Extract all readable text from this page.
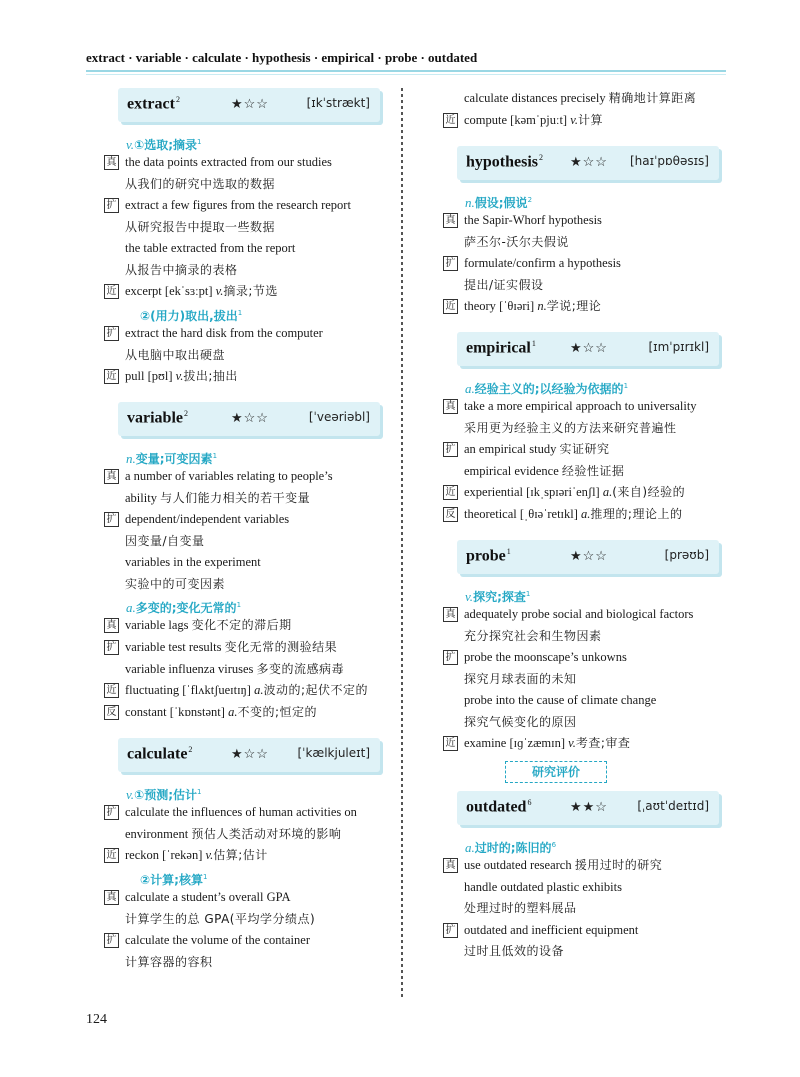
extract · variable · calculate · hypothesis · empirical · probe · outdated
extract$^2$	★☆☆	[ɪkˈstrækt]
v.①选取;摘录$^1$
真 the data points extracted from our studies
从我们的研究中选取的数据
扩 extract a few figures from the research report
从研究报告中提取一些数据
the table extracted from the report
从报告中摘录的表格
近 excerpt [ekˈsɜːpt] v.摘录;节选
②(用力)取出,拔出$^1$
扩 extract the hard disk from the computer
从电脑中取出硬盘
近 pull [pʊl] v.拔出;抽出
variable$^2$	★☆☆	[ˈveəriəbl]
n.变量;可变因素$^1$
真 a number of variables relating to people’s
ability 与人们能力相关的若干变量
扩 dependent/independent variables
因变量/自变量
variables in the experiment
实验中的可变因素
a.多变的;变化无常的$^1$
真 variable lags 变化不定的滞后期
扩 variable test results 变化无常的测验结果
variable influenza viruses 多变的流感病毒
近 fluctuating [ˈflʌktʃueɪtɪŋ] a.波动的;起伏不定的
反 constant [ˈkɒnstənt] a.不变的;恒定的
calculate$^2$	★☆☆ [ˈkælkjuleɪt]
v.①预测;估计$^1$
扩 calculate the influences of human activities on
environment 预估人类活动对环境的影响
近 reckon [ˈrekən] v.估算;估计
②计算;核算$^1$
真 calculate a student’s overall GPA
计算学生的总 GPA(平均学分绩点)
扩 calculate the volume of the container
计算容器的容积
calculate distances precisely 精确地计算距离
近 compute [kəmˈpjuːt] v.计算
hypothesis$^2$ ★☆☆ [haɪˈpɒθəsɪs]
n.假设;假说$^2$
真 the Sapir-Whorf hypothesis
萨丕尔-沃尔夫假说
扩 formulate/confirm a hypothesis
提出/证实假设
近 theory [ˈθɪəri] n.学说;理论
empirical$^1$	★☆☆	[ɪmˈpɪrɪkl]
a.经验主义的;以经验为依据的$^1$
真 take a more empirical approach to universality
采用更为经验主义的方法来研究普遍性
扩 an empirical study 实证研究
empirical evidence 经验性证据
近 experiential [ɪkˌspɪəriˈenʃl] a.(来自)经验的
反 theoretical [ˌθɪəˈretɪkl] a.推理的;理论上的
probe$^1$	★☆☆	[prəʊb]
v.探究;探查$^1$
真 adequately probe social and biological factors
充分探究社会和生物因素
扩 probe the moonscape’s unkowns
探究月球表面的未知
probe into the cause of climate change
探究气候变化的原因
近 examine [ɪɡˈzæmɪn] v.考查;审查
研究评价
outdated$^6$	★★☆ [ˌaʊtˈdeɪtɪd]
a.过时的;陈旧的$^6$
真 use outdated research 援用过时的研究
handle outdated plastic exhibits
处理过时的塑料展品
扩 outdated and inefficient equipment
过时且低效的设备
124
